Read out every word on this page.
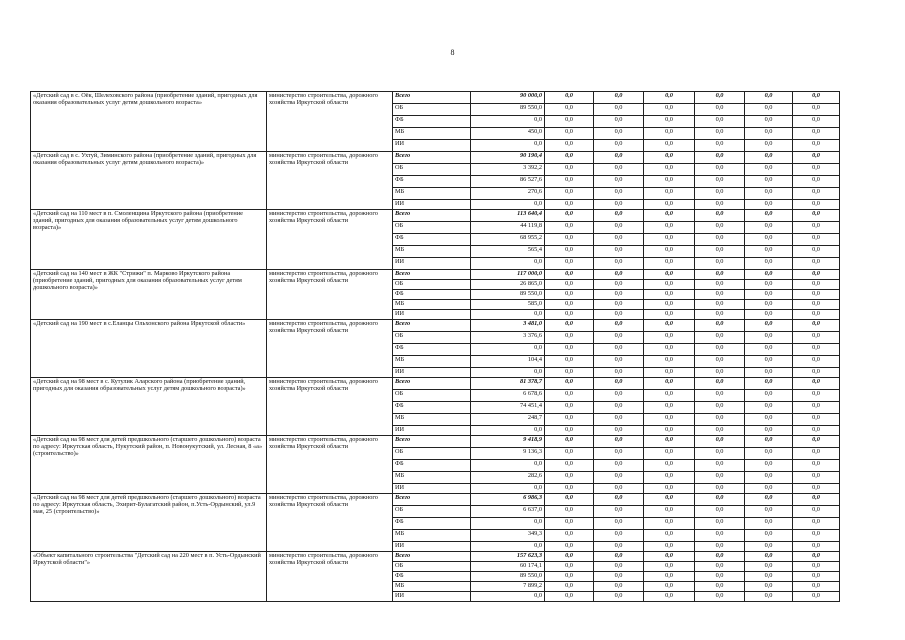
8
«Детский сад в с. Оёк, Шелеховского района (приобретение зданий, пригодных для оказания образовательных услуг детям дошкольного возраста»	министерство строительства, дорожного хозяйства Иркутской области	Всего	90 000,0	0,0	0,0	0,0	0,0	0,0	0,0
		ОБ	89 550,0	0,0	0,0	0,0	0,0	0,0	0,0
		ФБ	0,0	0,0	0,0	0,0	0,0	0,0	0,0
		МБ	450,0	0,0	0,0	0,0	0,0	0,0	0,0
		ИИ	0,0	0,0	0,0	0,0	0,0	0,0	0,0
«Детский сад в с. Ухтуй, Зиминского района (приобретение зданий, пригодных для оказания образовательных услуг детям дошкольного возраста)»	министерство строительства, дорожного хозяйства Иркутской области	Всего	90 190,4	0,0	0,0	0,0	0,0	0,0	0,0
		ОБ	3 392,2	0,0	0,0	0,0	0,0	0,0	0,0
		ФБ	86 527,6	0,0	0,0	0,0	0,0	0,0	0,0
		МБ	270,6	0,0	0,0	0,0	0,0	0,0	0,0
		ИИ	0,0	0,0	0,0	0,0	0,0	0,0	0,0
«Детский сад на 110 мест в п. Смоленщина Иркутского района (приобретение зданий, пригодных для оказания образовательных услуг детям дошкольного возраста)»	министерство строительства, дорожного хозяйства Иркутской области	Всего	113 640,4	0,0	0,0	0,0	0,0	0,0	0,0
		ОБ	44 119,8	0,0	0,0	0,0	0,0	0,0	0,0
		ФБ	68 955,2	0,0	0,0	0,0	0,0	0,0	0,0
		МБ	565,4	0,0	0,0	0,0	0,0	0,0	0,0
		ИИ	0,0	0,0	0,0	0,0	0,0	0,0	0,0
«Детский сад на 140 мест в ЖК "Стрижи" п. Марково Иркутского района (приобретение зданий, пригодных для оказания образовательных услуг детям дошкольного возраста)»	министерство строительства, дорожного хозяйства Иркутской области	Всего	117 000,0	0,0	0,0	0,0	0,0	0,0	0,0
		ОБ	26 865,0	0,0	0,0	0,0	0,0	0,0	0,0
		ФБ	89 550,0	0,0	0,0	0,0	0,0	0,0	0,0
		МБ	585,0	0,0	0,0	0,0	0,0	0,0	0,0
		ИИ	0,0	0,0	0,0	0,0	0,0	0,0	0,0
«Детский сад на 190 мест в с.Еланцы Ольхонского района Иркутской области»	министерство строительства, дорожного хозяйства Иркутской области	Всего	3 481,0	0,0	0,0	0,0	0,0	0,0	0,0
		ОБ	3 376,6	0,0	0,0	0,0	0,0	0,0	0,0
		ФБ	0,0	0,0	0,0	0,0	0,0	0,0	0,0
		МБ	104,4	0,0	0,0	0,0	0,0	0,0	0,0
		ИИ	0,0	0,0	0,0	0,0	0,0	0,0	0,0
«Детский сад на 98 мест в с. Кутулик Аларского района (приобретение зданий, пригодных для оказания образовательных услуг детям дошкольного возраста)»	министерство строительства, дорожного хозяйства Иркутской области	Всего	81 378,7	0,0	0,0	0,0	0,0	0,0	0,0
		ОБ	6 678,6	0,0	0,0	0,0	0,0	0,0	0,0
		ФБ	74 451,4	0,0	0,0	0,0	0,0	0,0	0,0
		МБ	248,7	0,0	0,0	0,0	0,0	0,0	0,0
		ИИ	0,0	0,0	0,0	0,0	0,0	0,0	0,0
«Детский сад на 98 мест для детей предшкольного (старшего дошкольного) возраста по адресу: Иркутская область, Нукутский район, п. Новонукутский, ул. Лесная, 8 «а» (строительство)»	министерство строительства, дорожного хозяйства Иркутской области	Всего	9 418,9	0,0	0,0	0,0	0,0	0,0	0,0
		ОБ	9 136,3	0,0	0,0	0,0	0,0	0,0	0,0
		ФБ	0,0	0,0	0,0	0,0	0,0	0,0	0,0
		МБ	282,6	0,0	0,0	0,0	0,0	0,0	0,0
		ИИ	0,0	0,0	0,0	0,0	0,0	0,0	0,0
«Детский сад на 98 мест для детей предшкольного (старшего дошкольного) возраста по адресу: Иркутская область, Эхирит-Булагатский район, п.Усть-Ордынский, ул.9 мая, 25 (строительство)»	министерство строительства, дорожного хозяйства Иркутской области	Всего	6 986,3	0,0	0,0	0,0	0,0	0,0	0,0
		ОБ	6 637,0	0,0	0,0	0,0	0,0	0,0	0,0
		ФБ	0,0	0,0	0,0	0,0	0,0	0,0	0,0
		МБ	349,3	0,0	0,0	0,0	0,0	0,0	0,0
		ИИ	0,0	0,0	0,0	0,0	0,0	0,0	0,0
«Объект капитального строительства "Детский сад на 220 мест в п. Усть-Ордынский Иркутской области"»	министерство строительства, дорожного хозяйства Иркутской области	Всего	157 623,3	0,0	0,0	0,0	0,0	0,0	0,0
		ОБ	60 174,1	0,0	0,0	0,0	0,0	0,0	0,0
		ФБ	89 550,0	0,0	0,0	0,0	0,0	0,0	0,0
		МБ	7 899,2	0,0	0,0	0,0	0,0	0,0	0,0
		ИИ	0,0	0,0	0,0	0,0	0,0	0,0	0,0
